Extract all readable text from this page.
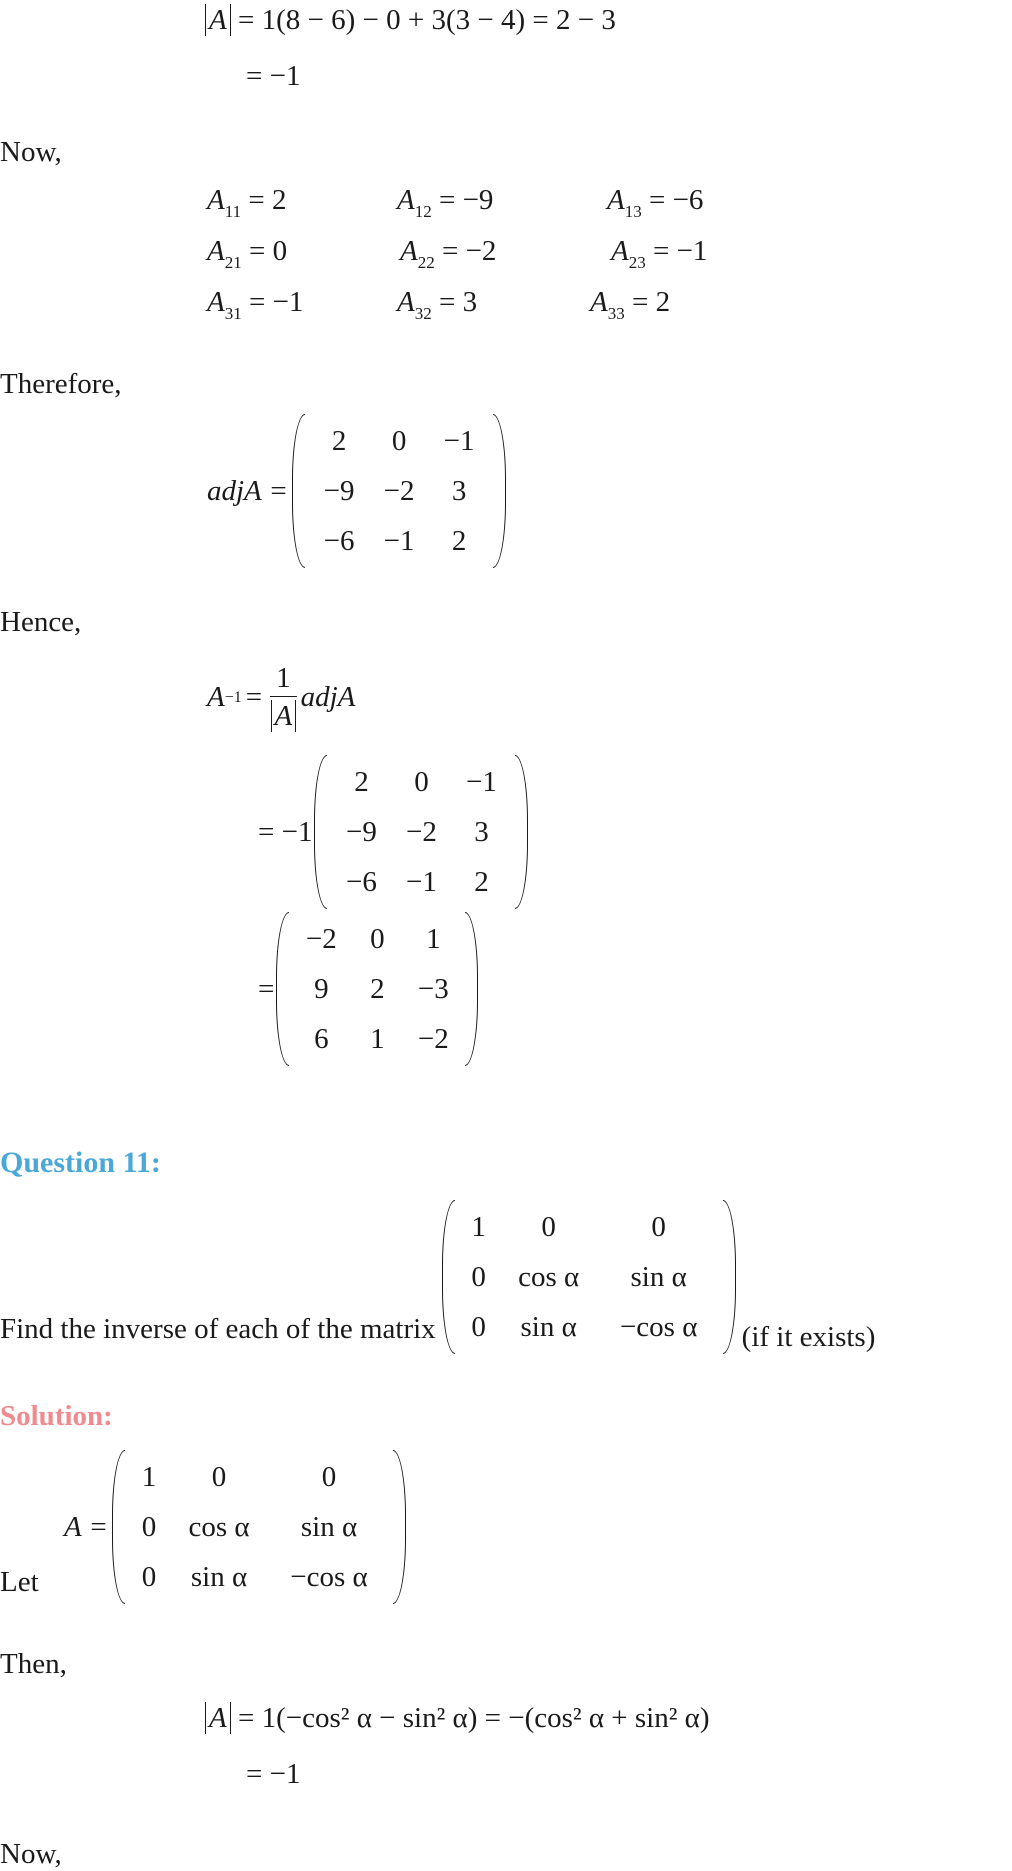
A = 1(8 − 6) − 0 + 3(3 − 4) = 2 − 3
= −1
Now,
$A_{11} = 2$	$A_{12} = -9$	$A_{13} = -6$
$A_{21} = 0$	$A_{22} = -2$	$A_{23} = -1$
$A_{31} = -1$	$A_{32} = 3$	$A_{33} = 2$
Therefore,
adjA =
2	0	−1
−9	−2	3
−6	−1	2
Hence,
$A -1 = \frac{1}{A}$ adjA
= −1
2	0	−1
−9	−2	3
−6	−1	2
=
−2	0	1
9	2	−3
6	1	−2
Question 11:
Find the inverse of each of the matrix
1	0	0
0	cos α	sin α
0	sin α	−cos α	(if it exists)
Solution:
Let
A =
1	0	0
0	cos α	sin α
0	sin α	−cos α
Then,
A = 1(−cos² α − sin² α) = −(cos² α + sin² α)
= −1
Now,
